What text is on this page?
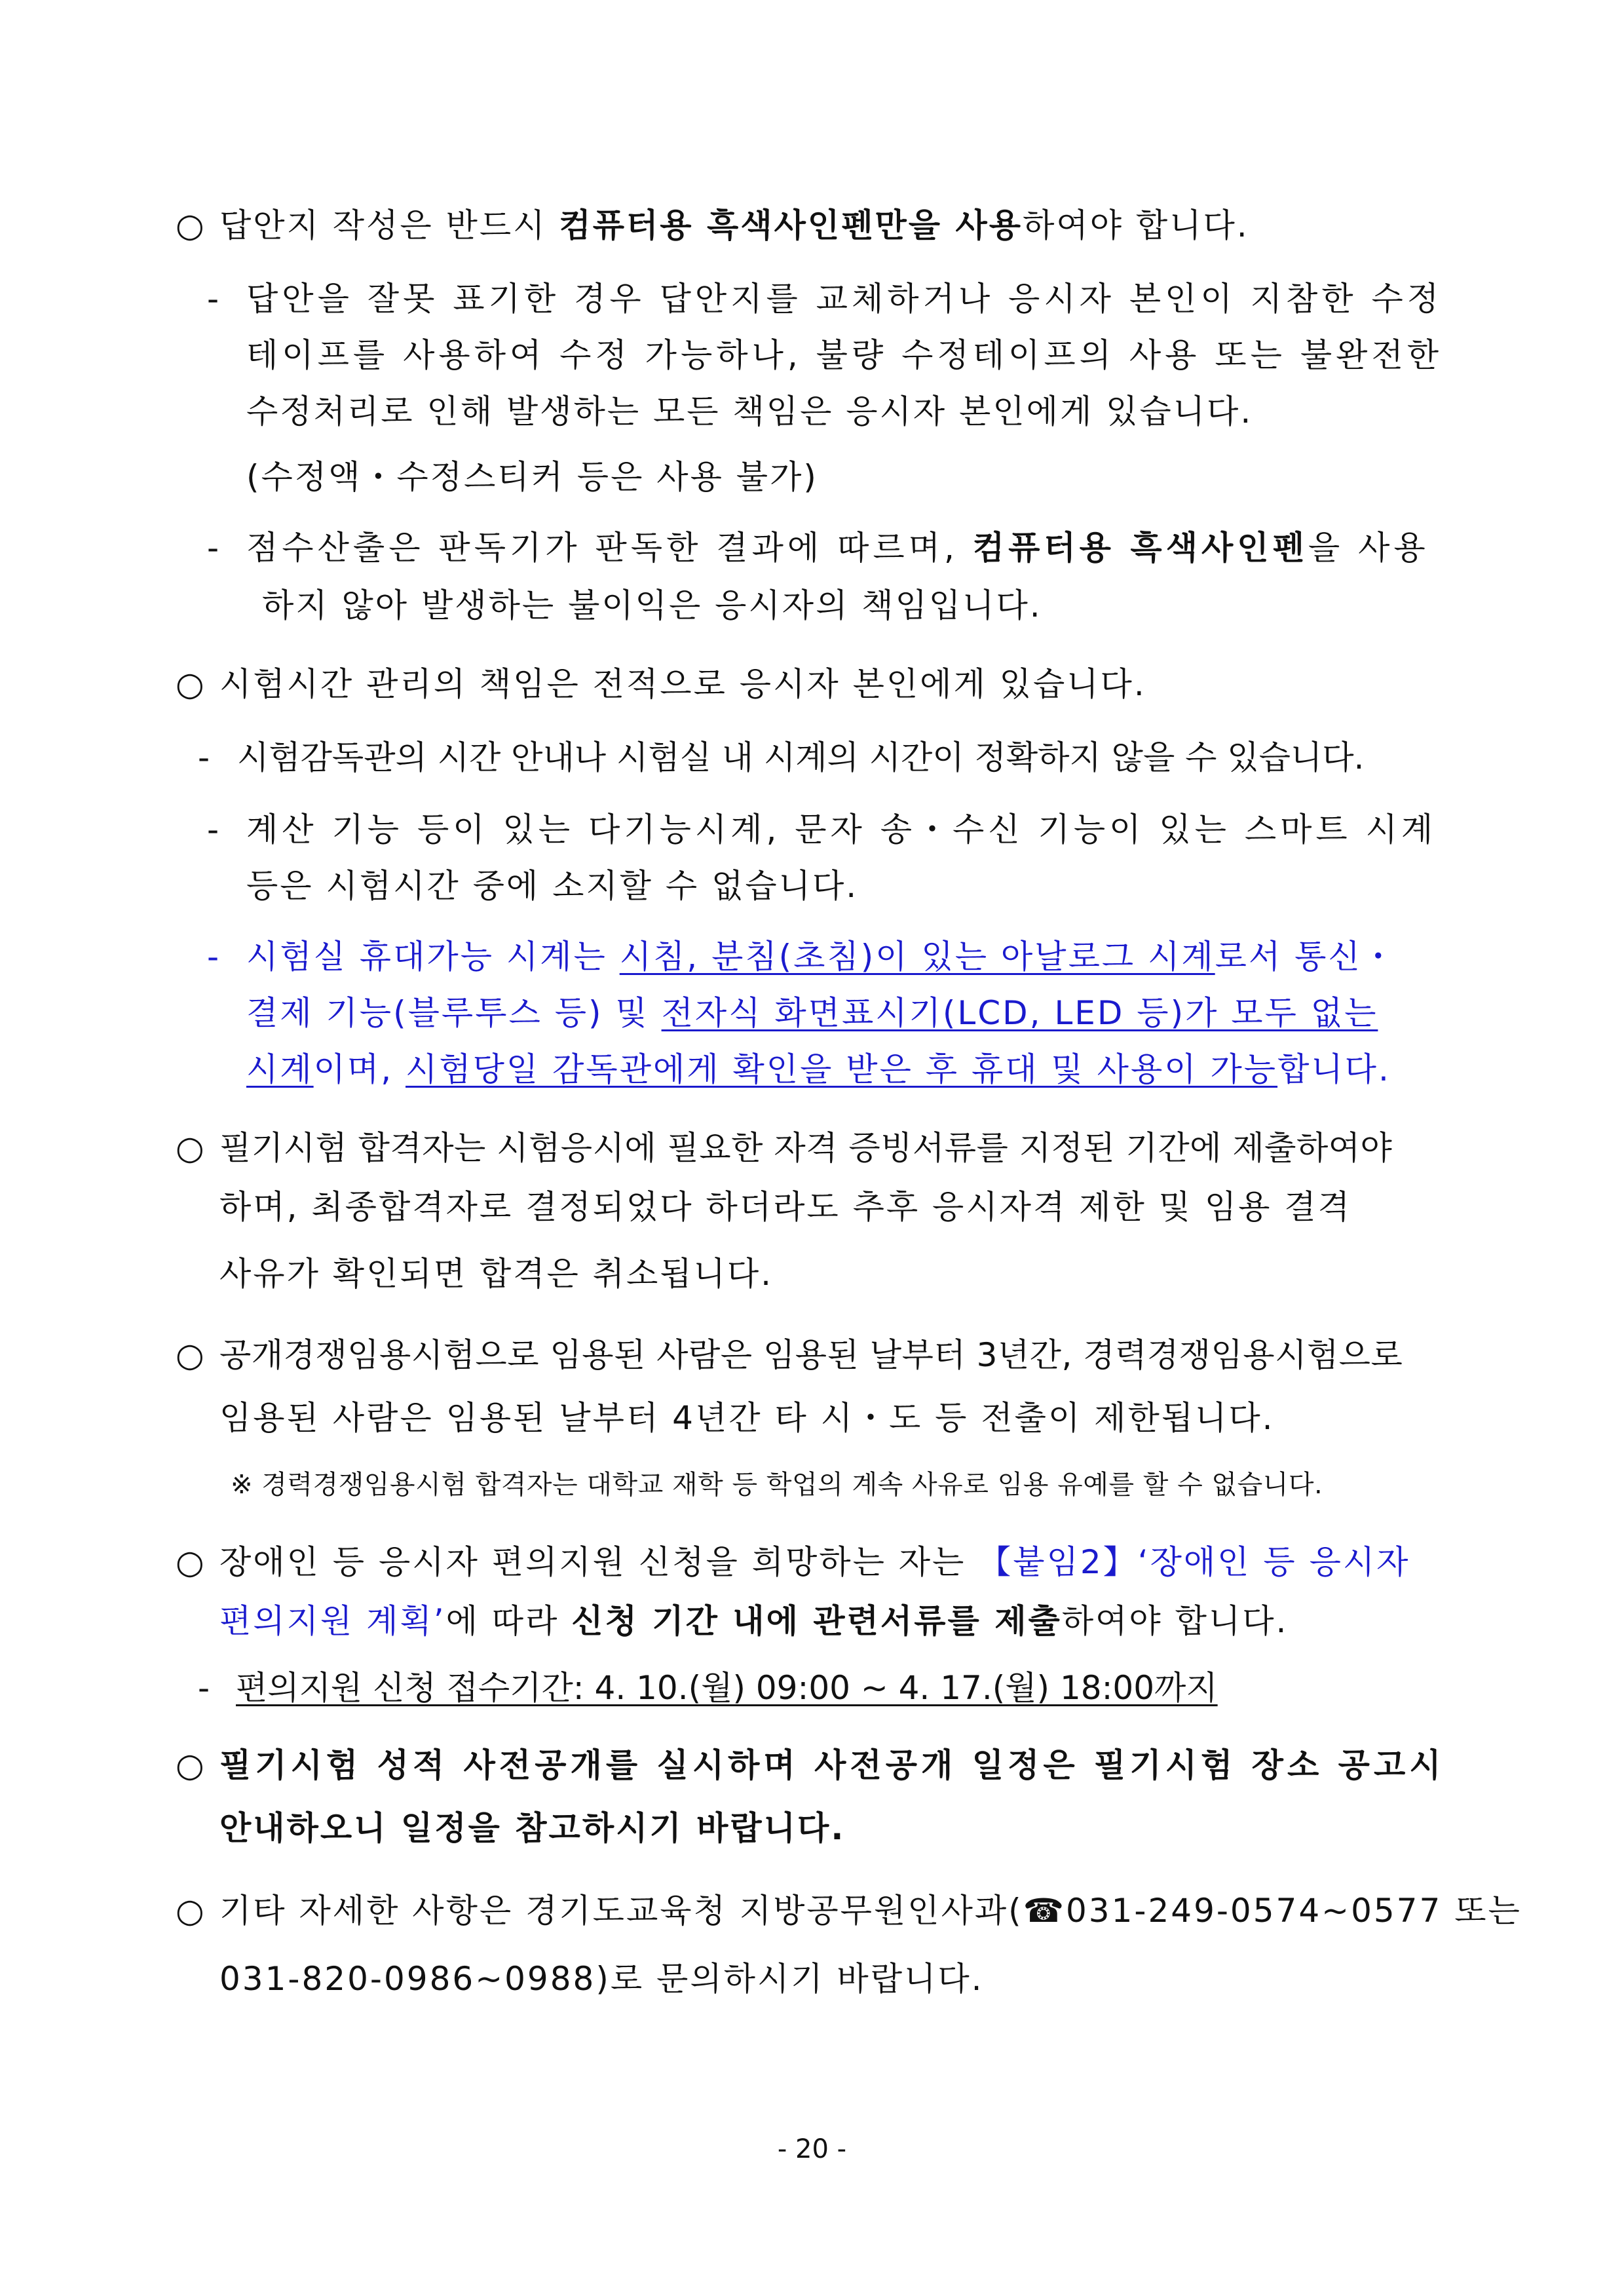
○ 답안지 작성은 반드시 컴퓨터용 흑색사인펜만을 사용하여야 합니다.
- 답안을 잘못 표기한 경우 답안지를 교체하거나 응시자 본인이 지참한 수정
테이프를 사용하여 수정 가능하나, 불량 수정테이프의 사용 또는 불완전한
수정처리로 인해 발생하는 모든 책임은 응시자 본인에게 있습니다.
(수정액・수정스티커 등은 사용 불가)
- 점수산출은 판독기가 판독한 결과에 따르며, 컴퓨터용 흑색사인펜을 사용
하지 않아 발생하는 불이익은 응시자의 책임입니다.
○ 시험시간 관리의 책임은 전적으로 응시자 본인에게 있습니다.
- 시험감독관의 시간 안내나 시험실 내 시계의 시간이 정확하지 않을 수 있습니다.
- 계산 기능 등이 있는 다기능시계, 문자 송・수신 기능이 있는 스마트 시계
등은 시험시간 중에 소지할 수 없습니다.
- 시험실 휴대가능 시계는 시침, 분침(초침)이 있는 아날로그 시계로서 통신・
결제 기능(블루투스 등) 및 전자식 화면표시기(LCD, LED 등)가 모두 없는
시계이며, 시험당일 감독관에게 확인을 받은 후 휴대 및 사용이 가능합니다.
○ 필기시험 합격자는 시험응시에 필요한 자격 증빙서류를 지정된 기간에 제출하여야
하며, 최종합격자로 결정되었다 하더라도 추후 응시자격 제한 및 임용 결격
사유가 확인되면 합격은 취소됩니다.
○ 공개경쟁임용시험으로 임용된 사람은 임용된 날부터 3년간, 경력경쟁임용시험으로
임용된 사람은 임용된 날부터 4년간 타 시・도 등 전출이 제한됩니다.
※ 경력경쟁임용시험 합격자는 대학교 재학 등 학업의 계속 사유로 임용 유예를 할 수 없습니다.
○ 장애인 등 응시자 편의지원 신청을 희망하는 자는 【붙임2】‘장애인 등 응시자
편의지원 계획’에 따라 신청 기간 내에 관련서류를 제출하여야 합니다.
- 편의지원 신청 접수기간: 4. 10.(월) 09:00 ~ 4. 17.(월) 18:00까지
○ 필기시험 성적 사전공개를 실시하며 사전공개 일정은 필기시험 장소 공고시
안내하오니 일정을 참고하시기 바랍니다.
○ 기타 자세한 사항은 경기도교육청 지방공무원인사과(☎031-249-0574~0577 또는
031-820-0986~0988)로 문의하시기 바랍니다.
- 20 -
